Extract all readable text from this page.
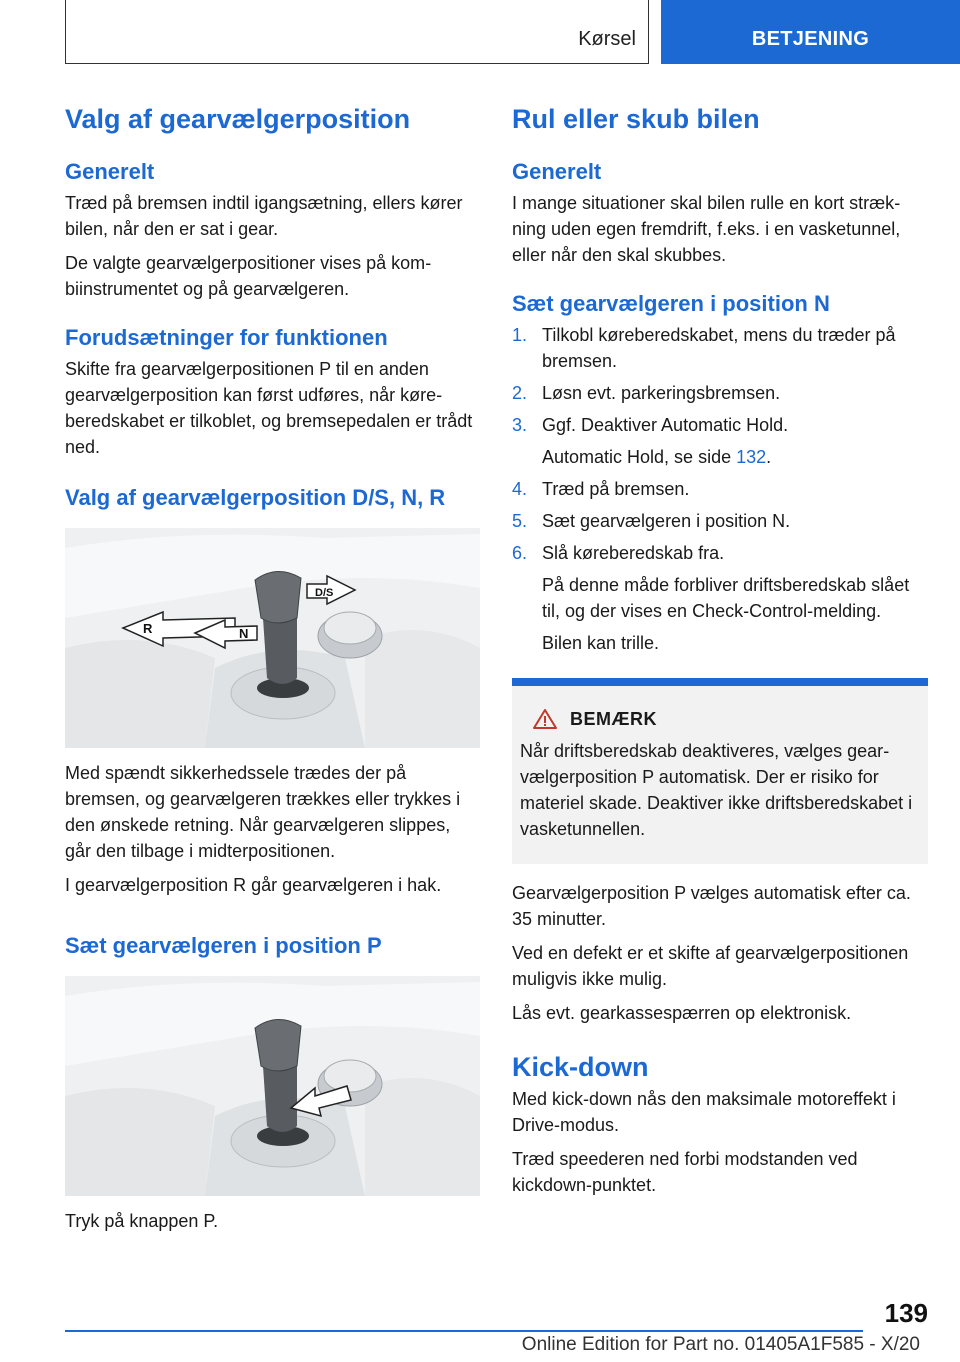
Kørsel	BETJENING
Valg af gearvælgerposition
Generelt

Træd på bremsen indtil igangsætning, ellers kører bilen, når den er sat i gear.

De valgte gearvælgerpositioner vises på kombiinstrumentet og på gearvælgeren.

Forudsætninger for funktionen

Skifte fra gearvælgerpositionen P til en anden gearvælgerposition kan først udføres, når køreberedskabet er tilkoblet, og bremsepedalen er trådt ned.

Valg af gearvælgerposition D/S, N, R
R	N
D/S

Med spændt sikkerhedssele trædes der på bremsen, og gearvælgeren trækkes eller trykkes i den ønskede retning. Når gearvælgeren slippes, går den tilbage i midterpositionen.

I gearvælgerposition R går gearvælgeren i hak.

Sæt gearvælgeren i position P

Tryk på knappen P.

Rul eller skub bilen
Generelt

I mange situationer skal bilen rulle en kort strækning uden egen fremdrift, f.eks. i en vasketunnel, eller når den skal skubbes.

Sæt gearvælgeren i position N
1. Tilkobl køreberedskabet, mens du træder på bremsen.
2. Løsn evt. parkeringsbremsen.
3. Ggf. Deaktiver Automatic Hold.
Automatic Hold, se side 132.
4. Træd på bremsen.
5. Sæt gearvælgeren i position N.
6. Slå køreberedskab fra.
På denne måde forbliver driftsberedskab slået til, og der vises en Check-Control-melding.
Bilen kan trille.
BEMÆRK

Når driftsberedskab deaktiveres, vælges gearvælgerposition P automatisk. Der er risiko for materiel skade. Deaktiver ikke driftsberedskabet i vasketunnellen.

Gearvælgerposition P vælges automatisk efter ca. 35 minutter.

Ved en defekt er et skifte af gearvælgerpositionen muligvis ikke mulig.

Lås evt. gearkassespærren op elektronisk.

Kick-down

Med kick-down nås den maksimale motoreffekt i Drive-modus.

Træd speederen ned forbi modstanden ved kickdown-punktet.

139
Online Edition for Part no. 01405A1F585 - X/20
